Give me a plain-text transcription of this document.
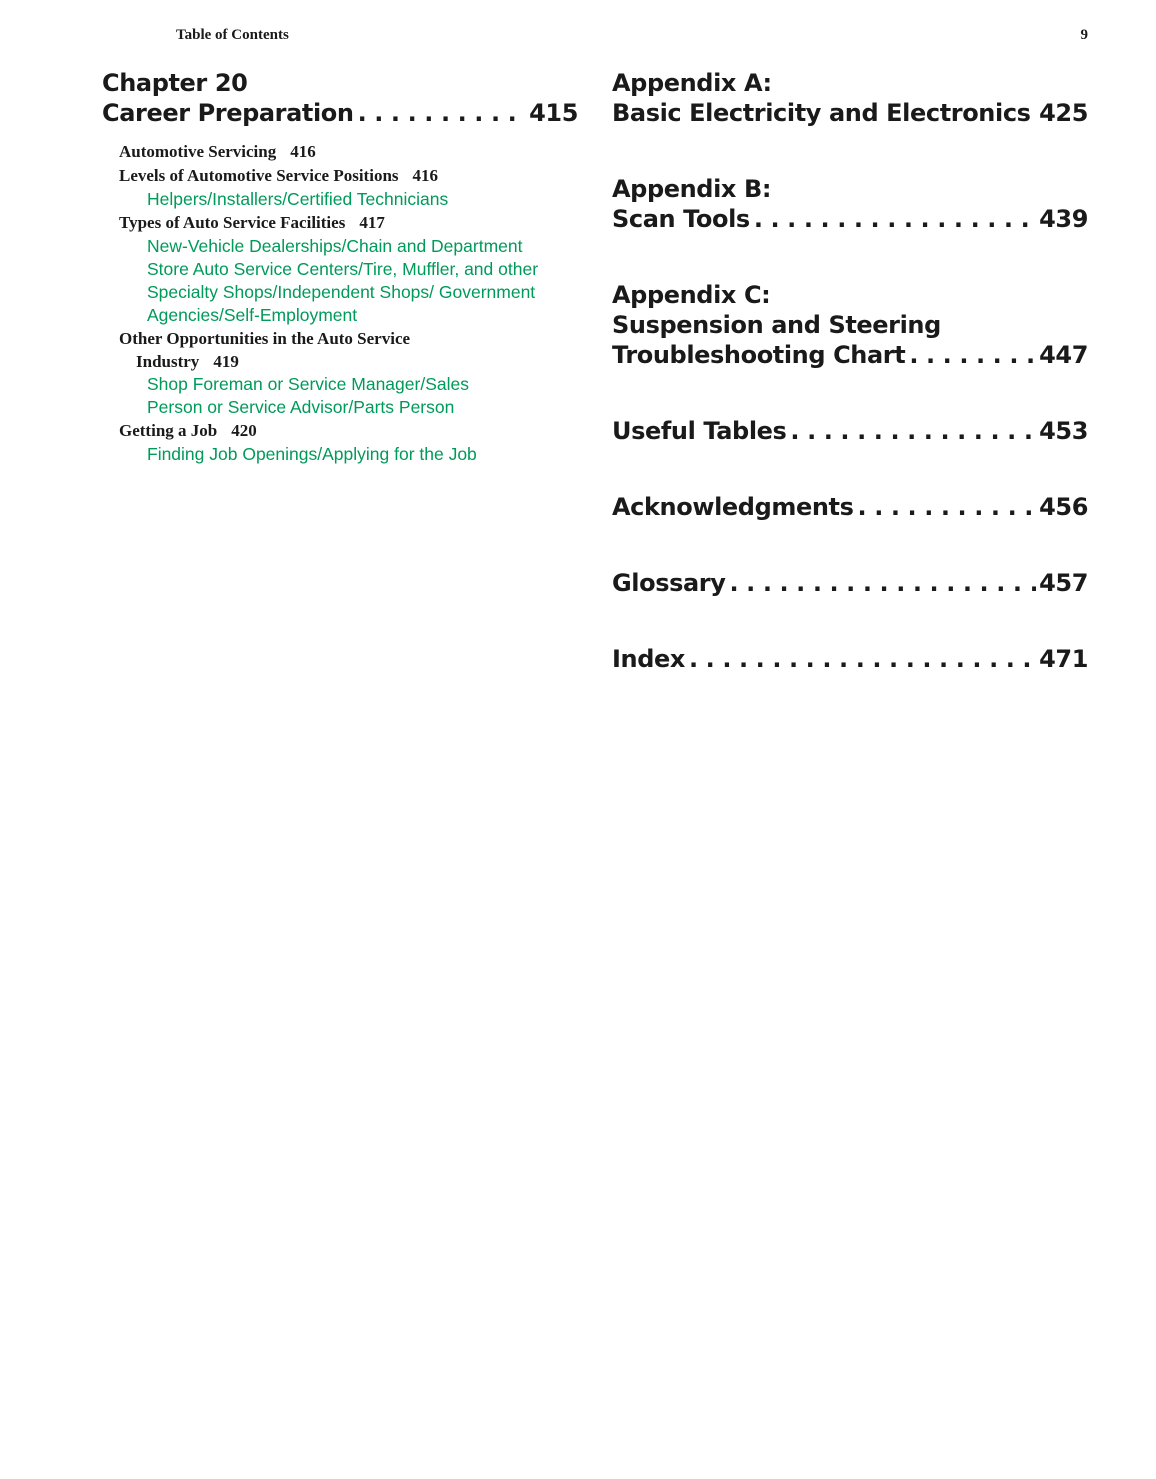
Table of Contents	9
Chapter 20
Career Preparation . . .	415
Automotive Servicing 416
Levels of Automotive Service Positions 416
Helpers/Installers/Certified Technicians
Types of Auto Service Facilities 417
New-Vehicle Dealerships/Chain and Department Store Auto Service Centers/Tire, Muffler, and other Specialty Shops/Independent Shops/ Government Agencies/Self-Employment
Other Opportunities in the Auto Service Industry 419
Shop Foreman or Service Manager/Sales Person or Service Advisor/Parts Person
Getting a Job 420
Finding Job Openings/Applying for the Job
Appendix A:
Basic Electricity and Electronics . . . 425
Appendix B:
Scan Tools . . .	439
Appendix C:
Suspension and Steering
Troubleshooting Chart . . .	447
Useful Tables . . .	453
Acknowledgments . . .	456
Glossary . . .	457
Index . . .	471
